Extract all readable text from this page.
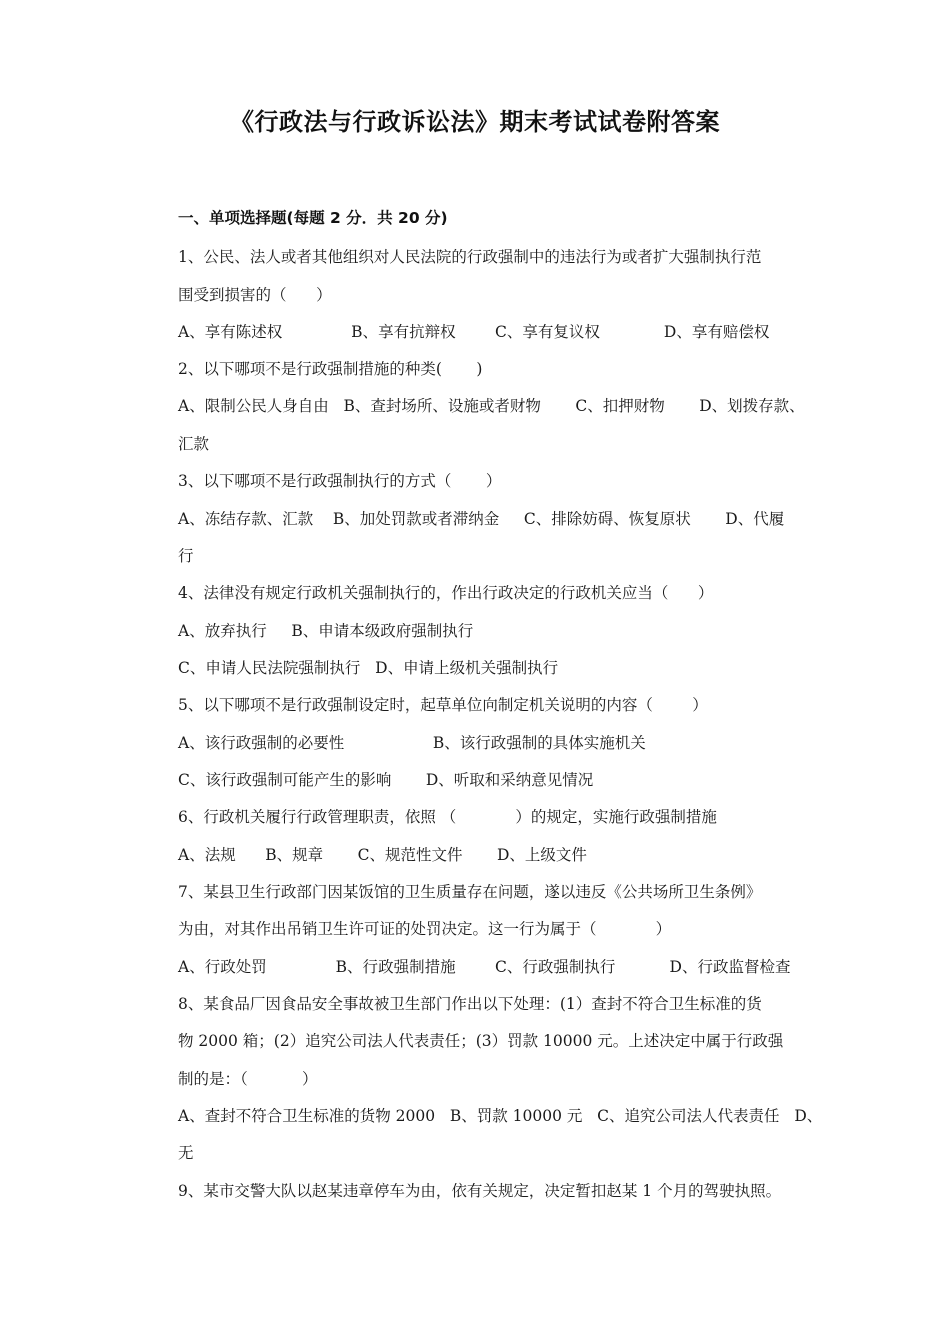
《行政法与行政诉讼法》期末考试试卷附答案
一、单项选择题(每题 2 分．共 20 分)
1、公民、法人或者其他组织对人民法院的行政强制中的违法行为或者扩大强制执行范
围受到损害的（      ）
A、享有陈述权              B、享有抗辩权        C、享有复议权             D、享有赔偿权
2、以下哪项不是行政强制措施的种类(       )
A、限制公民人身自由   B、查封场所、设施或者财物       C、扣押财物       D、划拨存款、
汇款
3、以下哪项不是行政强制执行的方式（       ）
A、冻结存款、汇款    B、加处罚款或者滞纳金     C、排除妨碍、恢复原状       D、代履
行
4、法律没有规定行政机关强制执行的，作出行政决定的行政机关应当（      ）
A、放弃执行     B、申请本级政府强制执行
C、申请人民法院强制执行   D、申请上级机关强制执行
5、以下哪项不是行政强制设定时，起草单位向制定机关说明的内容（        ）
A、该行政强制的必要性                  B、该行政强制的具体实施机关
C、该行政强制可能产生的影响       D、听取和采纳意见情况
6、行政机关履行行政管理职责，依照 （            ）的规定，实施行政强制措施
A、法规      B、规章       C、规范性文件       D、上级文件
7、某县卫生行政部门因某饭馆的卫生质量存在问题，遂以违反《公共场所卫生条例》
为由，对其作出吊销卫生许可证的处罚决定。这一行为属于（            ）
A、行政处罚              B、行政强制措施        C、行政强制执行           D、行政监督检查
8、某食品厂因食品安全事故被卫生部门作出以下处理：(1）查封不符合卫生标准的货
物 2000 箱；(2）追究公司法人代表责任；(3）罚款 10000 元。上述决定中属于行政强
制的是：（           ）
A、查封不符合卫生标准的货物 2000   B、罚款 10000 元   C、追究公司法人代表责任   D、
无
9、某市交警大队以赵某违章停车为由，依有关规定，决定暂扣赵某 1 个月的驾驶执照。
